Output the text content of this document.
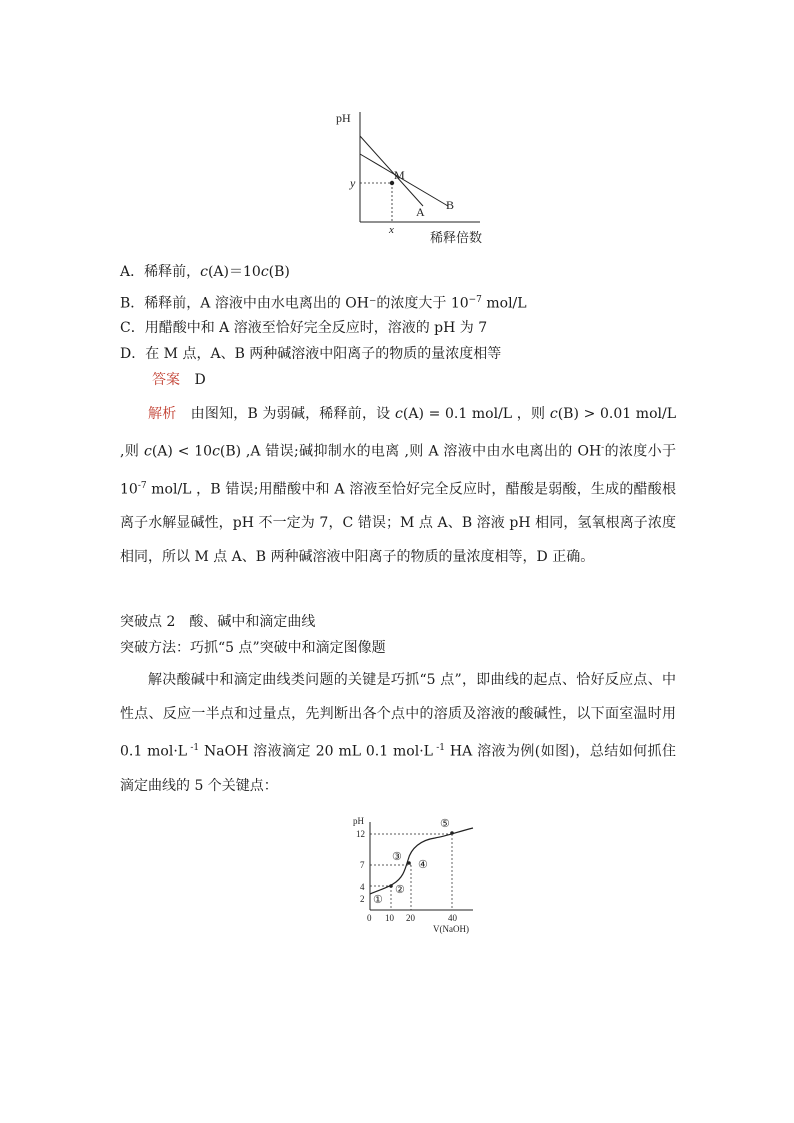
pH
稀释倍数
M
y
x
A B
A．稀释前，c(A)＝10c(B)
B．稀释前，A 溶液中由水电离出的 OH⁻的浓度大于 $10^{-7}$ mol/L
C．用醋酸中和 A 溶液至恰好完全反应时，溶液的 pH 为 7
D．在 M 点，A、B 两种碱溶液中阳离子的物质的量浓度相等
答案 D

解析　 由图知，B 为弱碱，稀释前，设 c(A) = 0.1 mol/L ，则 c(B) > 0.01 mol/L ,则 c(A) < 10c(B) ,A 错误;碱抑制水的电离 ,则 A 溶液中由水电离出的 OH-的浓度小于 $10^{-7}$ mol/L ，B 错误;用醋酸中和 A 溶液至恰好完全反应时，醋酸是弱酸，生成的醋酸根离子水解显碱性，pH 不一定为 7，C 错误；M 点 A、B 溶液 pH 相同，氢氧根离子浓度相同，所以 M 点 A、B 两种碱溶液中阳离子的物质的量浓度相等，D 正确。

突破点 2　酸、碱中和滴定曲线
突破方法：巧抓“5 点”突破中和滴定图像题

解决酸碱中和滴定曲线类问题的关键是巧抓“5 点”，即曲线的起点、恰好反应点、中性点、反应一半点和过量点，先判断出各个点中的溶质及溶液的酸碱性，以下面室温时用 0.1 mol·L $^{-1}$ NaOH 溶液滴定 20 mL 0.1 mol·L $^{-1}$ HA 溶液为例(如图)，总结如何抓住滴定曲线的 5 个关键点：

pH
V(NaOH)
2
4
7
12
0 10 20	40
①
②
③
④
⑤
